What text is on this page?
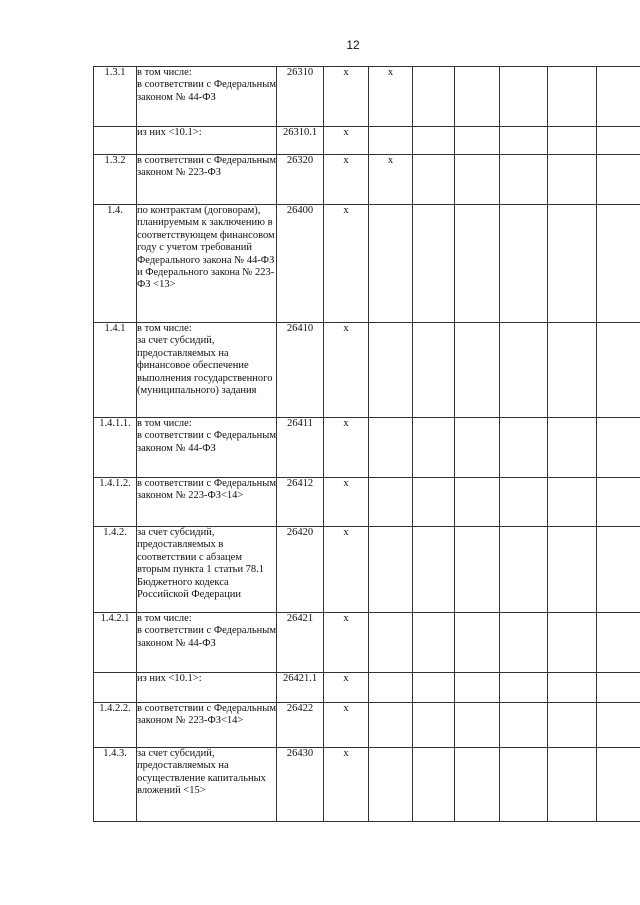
12
1.3.1	в том числе:
в соответствии с Федеральным законом № 44-ФЗ	26310	x	x					
	из них <10.1>:	26310.1	x						
1.3.2	в соответствии с Федеральным законом № 223-ФЗ	26320	x	x					
1.4.	по контрактам (договорам), планируемым к заключению в соответствующем финансовом году с учетом требований Федерального закона № 44-ФЗ и Федерального закона № 223-ФЗ <13>	26400	x						
1.4.1	в том числе:
за счет субсидий, предоставляемых на финансовое обеспечение выполнения государственного (муниципального) задания	26410	x						
1.4.1.1.	в том числе:
в соответствии с Федеральным законом № 44-ФЗ	26411	x						
1.4.1.2.	в соответствии с Федеральным законом № 223-ФЗ<14>	26412	x						
1.4.2.	за счет субсидий, предоставляемых в соответствии с абзацем вторым пункта 1 статьи 78.1 Бюджетного кодекса Российской Федерации	26420	x						
1.4.2.1	в том числе:
в соответствии с Федеральным законом № 44-ФЗ	26421	x						
	из них <10.1>:	26421.1	x						
1.4.2.2.	в соответствии с Федеральным законом № 223-ФЗ<14>	26422	x						
1.4.3.	за счет субсидий, предоставляемых на осуществление капитальных вложений <15>	26430	x						
